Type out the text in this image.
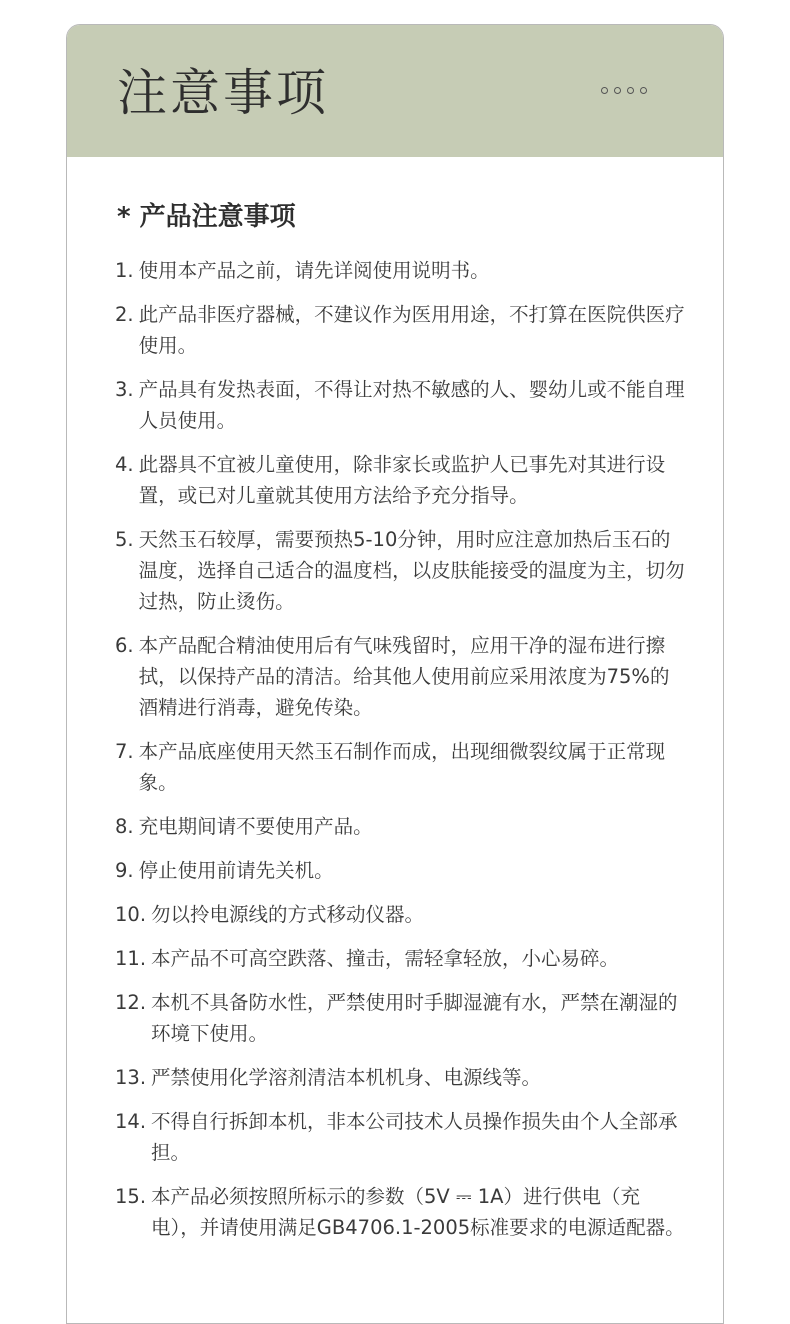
注意事项
* 产品注意事项
1. 使用本产品之前，请先详阅使用说明书。
2. 此产品非医疗器械，不建议作为医用用途，不打算在医院供医疗使用。
3. 产品具有发热表面，不得让对热不敏感的人、婴幼儿或不能自理人员使用。
4. 此器具不宜被儿童使用，除非家长或监护人已事先对其进行设置，或已对儿童就其使用方法给予充分指导。
5. 天然玉石较厚，需要预热5-10分钟，用时应注意加热后玉石的温度，选择自己适合的温度档，以皮肤能接受的温度为主，切勿过热，防止烫伤。
6. 本产品配合精油使用后有气味残留时，应用干净的湿布进行擦拭，以保持产品的清洁。给其他人使用前应采用浓度为75%的酒精进行消毒，避免传染。
7. 本产品底座使用天然玉石制作而成，出现细微裂纹属于正常现象。
8. 充电期间请不要使用产品。
9. 停止使用前请先关机。
10. 勿以拎电源线的方式移动仪器。
11. 本产品不可高空跌落、撞击，需轻拿轻放，小心易碎。
12. 本机不具备防水性，严禁使用时手脚湿漉有水，严禁在潮湿的环境下使用。
13. 严禁使用化学溶剂清洁本机机身、电源线等。
14. 不得自行拆卸本机，非本公司技术人员操作损失由个人全部承担。
15. 本产品必须按照所标示的参数（5V ⎓ 1A）进行供电（充电），并请使用满足GB4706.1-2005标准要求的电源适配器。
